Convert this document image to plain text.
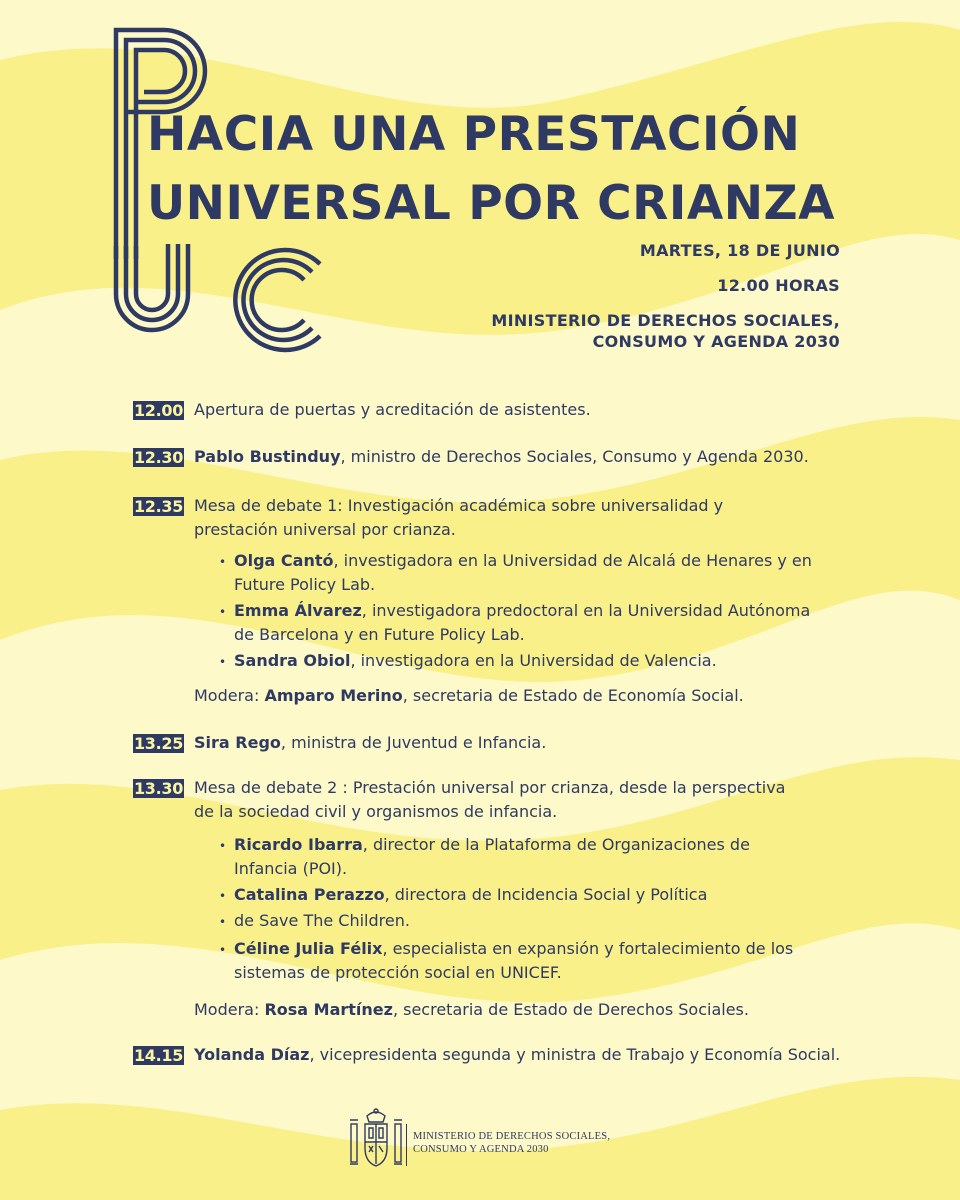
HACIA UNA PRESTACIÓN
UNIVERSAL POR CRIANZA
MARTES, 18 DE JUNIO
12.00 HORAS
MINISTERIO DE DERECHOS SOCIALES,
CONSUMO Y AGENDA 2030
12.00 Apertura de puertas y acreditación de asistentes.
12.30 Pablo Bustinduy, ministro de Derechos Sociales, Consumo y Agenda 2030.
12.35 Mesa de debate 1: Investigación académica sobre universalidad y
prestación universal por crianza.
• Olga Cantó, investigadora en la Universidad de Alcalá de Henares y en
Future Policy Lab.
• Emma Álvarez, investigadora predoctoral en la Universidad Autónoma
de Barcelona y en Future Policy Lab.
• Sandra Obiol, investigadora en la Universidad de Valencia.
Modera: Amparo Merino, secretaria de Estado de Economía Social.
13.25 Sira Rego, ministra de Juventud e Infancia.
13.30 Mesa de debate 2 : Prestación universal por crianza, desde la perspectiva
de la sociedad civil y organismos de infancia.
• Ricardo Ibarra, director de la Plataforma de Organizaciones de
Infancia (POI).
• Catalina Perazzo, directora de Incidencia Social y Política
• de Save The Children.
• Céline Julia Félix, especialista en expansión y fortalecimiento de los
sistemas de protección social en UNICEF.
Modera: Rosa Martínez, secretaria de Estado de Derechos Sociales.
14.15 Yolanda Díaz, vicepresidenta segunda y ministra de Trabajo y Economía Social.
MINISTERIO DE DERECHOS SOCIALES,
CONSUMO Y AGENDA 2030
